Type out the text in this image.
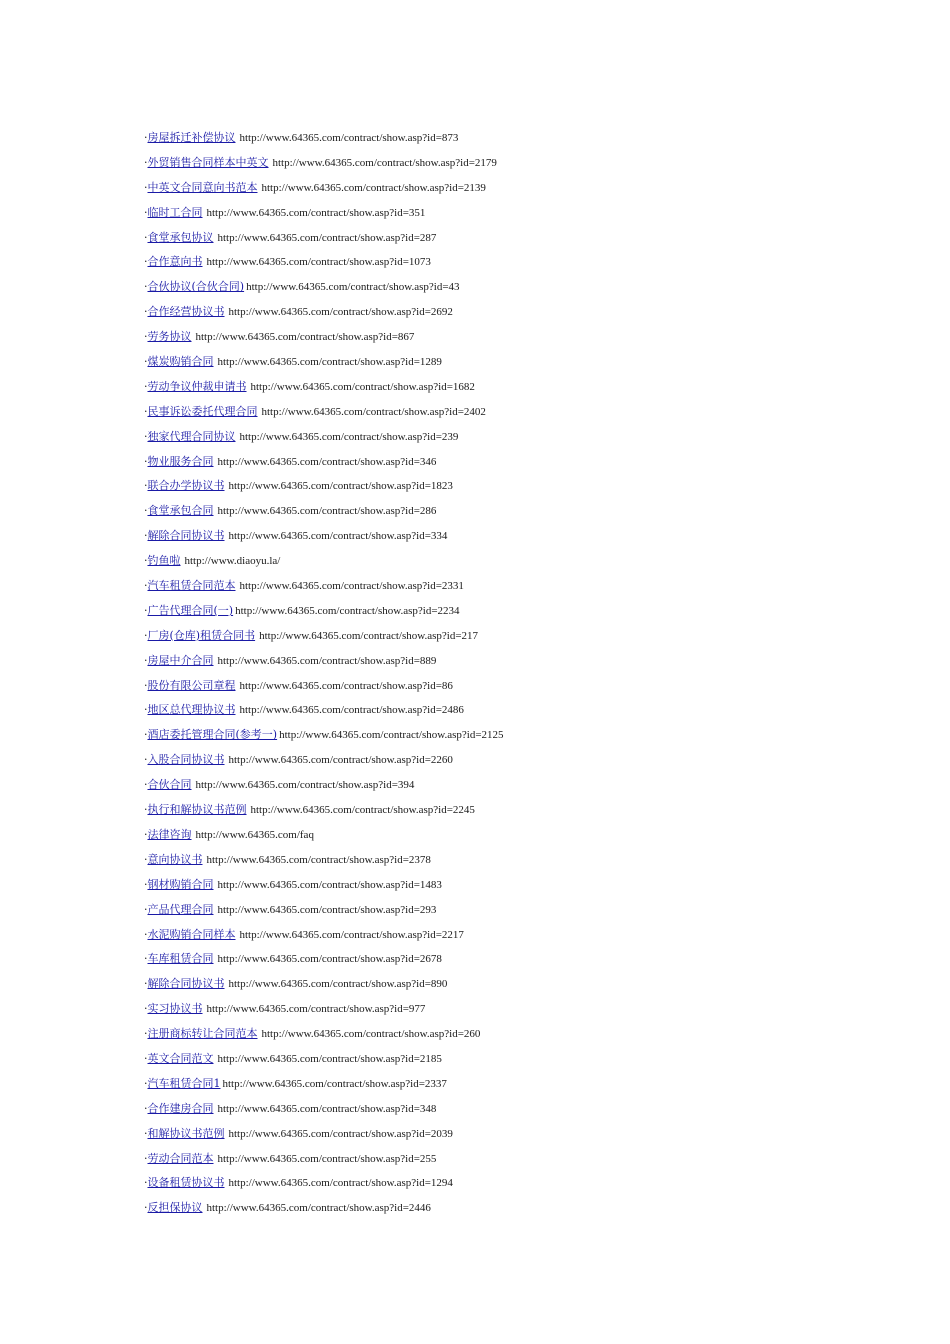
·房屋拆迁补偿协议 http://www.64365.com/contract/show.asp?id=873
·外贸销售合同样本中英文 http://www.64365.com/contract/show.asp?id=2179
·中英文合同意向书范本 http://www.64365.com/contract/show.asp?id=2139
·临时工合同 http://www.64365.com/contract/show.asp?id=351
·食堂承包协议 http://www.64365.com/contract/show.asp?id=287
·合作意向书 http://www.64365.com/contract/show.asp?id=1073
·合伙协议(合伙合同) http://www.64365.com/contract/show.asp?id=43
·合作经营协议书 http://www.64365.com/contract/show.asp?id=2692
·劳务协议 http://www.64365.com/contract/show.asp?id=867
·煤炭购销合同 http://www.64365.com/contract/show.asp?id=1289
·劳动争议仲裁申请书 http://www.64365.com/contract/show.asp?id=1682
·民事诉讼委托代理合同 http://www.64365.com/contract/show.asp?id=2402
·独家代理合同协议 http://www.64365.com/contract/show.asp?id=239
·物业服务合同 http://www.64365.com/contract/show.asp?id=346
·联合办学协议书 http://www.64365.com/contract/show.asp?id=1823
·食堂承包合同 http://www.64365.com/contract/show.asp?id=286
·解除合同协议书 http://www.64365.com/contract/show.asp?id=334
·钓鱼啦 http://www.diaoyu.la/
·汽车租赁合同范本 http://www.64365.com/contract/show.asp?id=2331
·广告代理合同(一) http://www.64365.com/contract/show.asp?id=2234
·厂房(仓库)租赁合同书 http://www.64365.com/contract/show.asp?id=217
·房屋中介合同 http://www.64365.com/contract/show.asp?id=889
·股份有限公司章程 http://www.64365.com/contract/show.asp?id=86
·地区总代理协议书 http://www.64365.com/contract/show.asp?id=2486
·酒店委托管理合同(参考一) http://www.64365.com/contract/show.asp?id=2125
·入股合同协议书 http://www.64365.com/contract/show.asp?id=2260
·合伙合同 http://www.64365.com/contract/show.asp?id=394
·执行和解协议书范例 http://www.64365.com/contract/show.asp?id=2245
·法律咨询 http://www.64365.com/faq
·意向协议书 http://www.64365.com/contract/show.asp?id=2378
·钢材购销合同 http://www.64365.com/contract/show.asp?id=1483
·产品代理合同 http://www.64365.com/contract/show.asp?id=293
·水泥购销合同样本 http://www.64365.com/contract/show.asp?id=2217
·车库租赁合同 http://www.64365.com/contract/show.asp?id=2678
·解除合同协议书 http://www.64365.com/contract/show.asp?id=890
·实习协议书 http://www.64365.com/contract/show.asp?id=977
·注册商标转让合同范本 http://www.64365.com/contract/show.asp?id=260
·英文合同范文 http://www.64365.com/contract/show.asp?id=2185
·汽车租赁合同1 http://www.64365.com/contract/show.asp?id=2337
·合作建房合同 http://www.64365.com/contract/show.asp?id=348
·和解协议书范例 http://www.64365.com/contract/show.asp?id=2039
·劳动合同范本 http://www.64365.com/contract/show.asp?id=255
·设备租赁协议书 http://www.64365.com/contract/show.asp?id=1294
·反担保协议 http://www.64365.com/contract/show.asp?id=2446
